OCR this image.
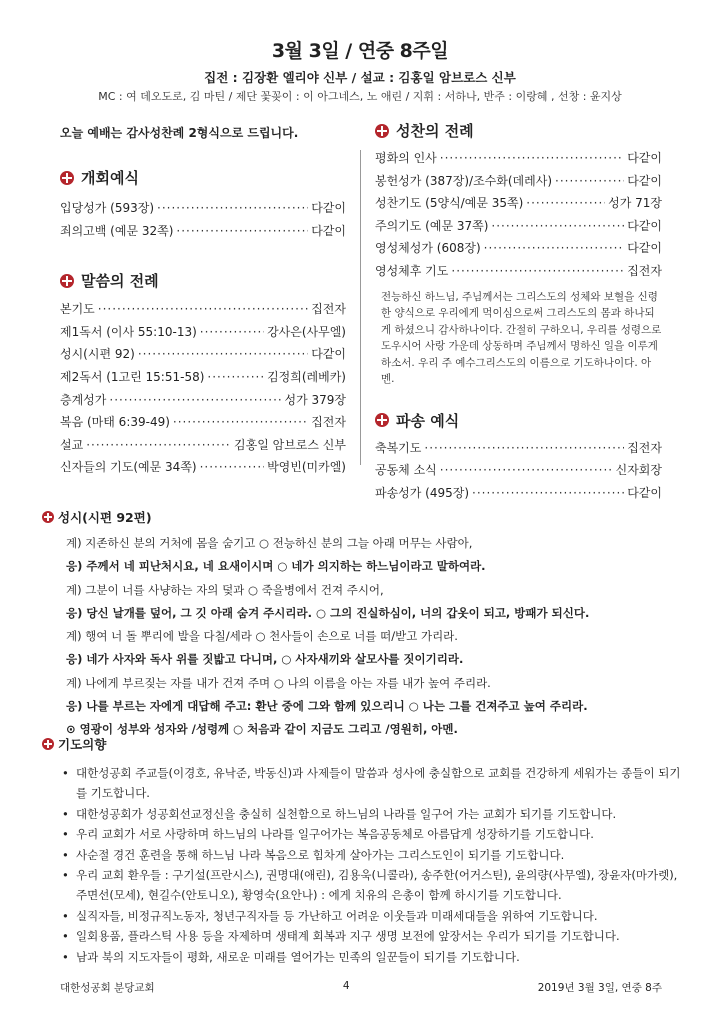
3월 3일 / 연중 8주일
집전 : 김장환 엘리야 신부 / 설교 : 김홍일 암브로스 신부
MC : 여 데오도로, 김 마틴 / 제단 꽃꽂이 : 이 아그네스, 노 애린 / 지휘 : 서하나, 반주 : 이랑혜 , 선창 : 윤지상
오늘 예배는 감사성찬례 2형식으로 드립니다.
개회예식
입당성가 (593장) ·····	다같이
죄의고백 (예문 32쪽) ·····	다같이
말씀의 전례
본기도 ·····	집전자
제1독서 (이사 55:10-13) ·····	강사은(사무엘)
성시(시편 92) ·····	다같이
제2독서 (1고린 15:51-58) ·····	김정희(레베카)
층계성가 ·····	성가 379장
복음 (마태 6:39-49) ·····	집전자
설교 ·····	김홍일 암브로스 신부
신자들의 기도(예문 34쪽) ·····	박영빈(미카엘)
성찬의 전례
평화의 인사 ·····	다같이
봉헌성가 (387장)/조수화(데레사) ·····	다같이
성찬기도 (5양식/예문 35쪽) ·····	성가 71장
주의기도 (예문 37쪽) ·····	다같이
영성체성가 (608장) ·····	다같이
영성체후 기도 ·····	집전자
전능하신 하느님, 주님께서는 그리스도의 성체와 보혈을 신령한 양식으로 우리에게 먹이심으로써 그리스도의 몸과 하나되게 하셨으니 감사하나이다. 간절히 구하오니, 우리를 성령으로 도우시어 사랑 가운데 상동하며 주님께서 명하신 일을 이루게 하소서. 우리 주 예수그리스도의 이름으로 기도하나이다. 아멘.
파송 예식
축복기도 ·····	집전자
공동체 소식 ·····	신자회장
파송성가 (495장) ·····	다같이
성시(시편 92편)
계) 지존하신 분의 거처에 몸을 숨기고 ○ 전능하신 분의 그늘 아래 머무는 사람아,
응) 주께서 네 피난처시요, 네 요새이시며 ○ 네가 의지하는 하느님이라고 말하여라.
계) 그분이 너를 사냥하는 자의 덫과 ○ 죽을병에서 건져 주시어,
응) 당신 날개를 덮어, 그 깃 아래 숨겨 주시리라. ○ 그의 진실하심이, 너의 갑옷이 되고, 방패가 되신다.
계) 행여 너 돌 뿌리에 발을 다칠/세라 ○ 천사들이 손으로 너를 떠/받고 가리라.
응) 네가 사자와 독사 위를 짓밟고 다니며, ○ 사자새끼와 살모사를 짓이기리라.
계) 나에게 부르짖는 자를 내가 건져 주며 ○ 나의 이름을 아는 자를 내가 높여 주리라.
응) 나를 부르는 자에게 대답해 주고: 환난 중에 그와 함께 있으리니 ○ 나는 그를 건져주고 높여 주리라.
⊙ 영광이 성부와 성자와 /성령께 ○ 처음과 같이 지금도 그리고 /영원히, 아멘.
기도의향
• 대한성공회 주교들(이경호, 유낙준, 박동신)과 사제들이 말씀과 성사에 충실함으로 교회를 건강하게 세워가는 종들이 되기를 기도합니다.
• 대한성공회가 성공회선교정신을 충실히 실천함으로 하느님의 나라를 일구어 가는 교회가 되기를 기도합니다.
• 우리 교회가 서로 사랑하며 하느님의 나라를 일구어가는 복음공동체로 아름답게 성장하기를 기도합니다.
• 사순절 경건 훈련을 통해 하느님 나라 복음으로 힘차게 살아가는 그리스도인이 되기를 기도합니다.
• 우리 교회 환우들 : 구기설(프란시스), 권명대(애린), 김용욱(니콜라), 송주한(어거스틴), 윤의량(사무엘), 장윤자(마가렛), 주면선(모세), 현길수(안토니오), 황영숙(요안나) : 에게 치유의 은총이 함께 하시기를 기도합니다.
• 실직자들, 비정규직노동자, 청년구직자들 등 가난하고 어려운 이웃들과 미래세대들을 위하여 기도합니다.
• 일회용품, 플라스틱 사용 등을 자제하며 생태계 회복과 지구 생명 보전에 앞장서는 우리가 되기를 기도합니다.
• 남과 북의 지도자들이 평화, 새로운 미래를 열어가는 민족의 일꾼들이 되기를 기도합니다.
대한성공회 분당교회	4	2019년 3월 3일, 연중 8주
